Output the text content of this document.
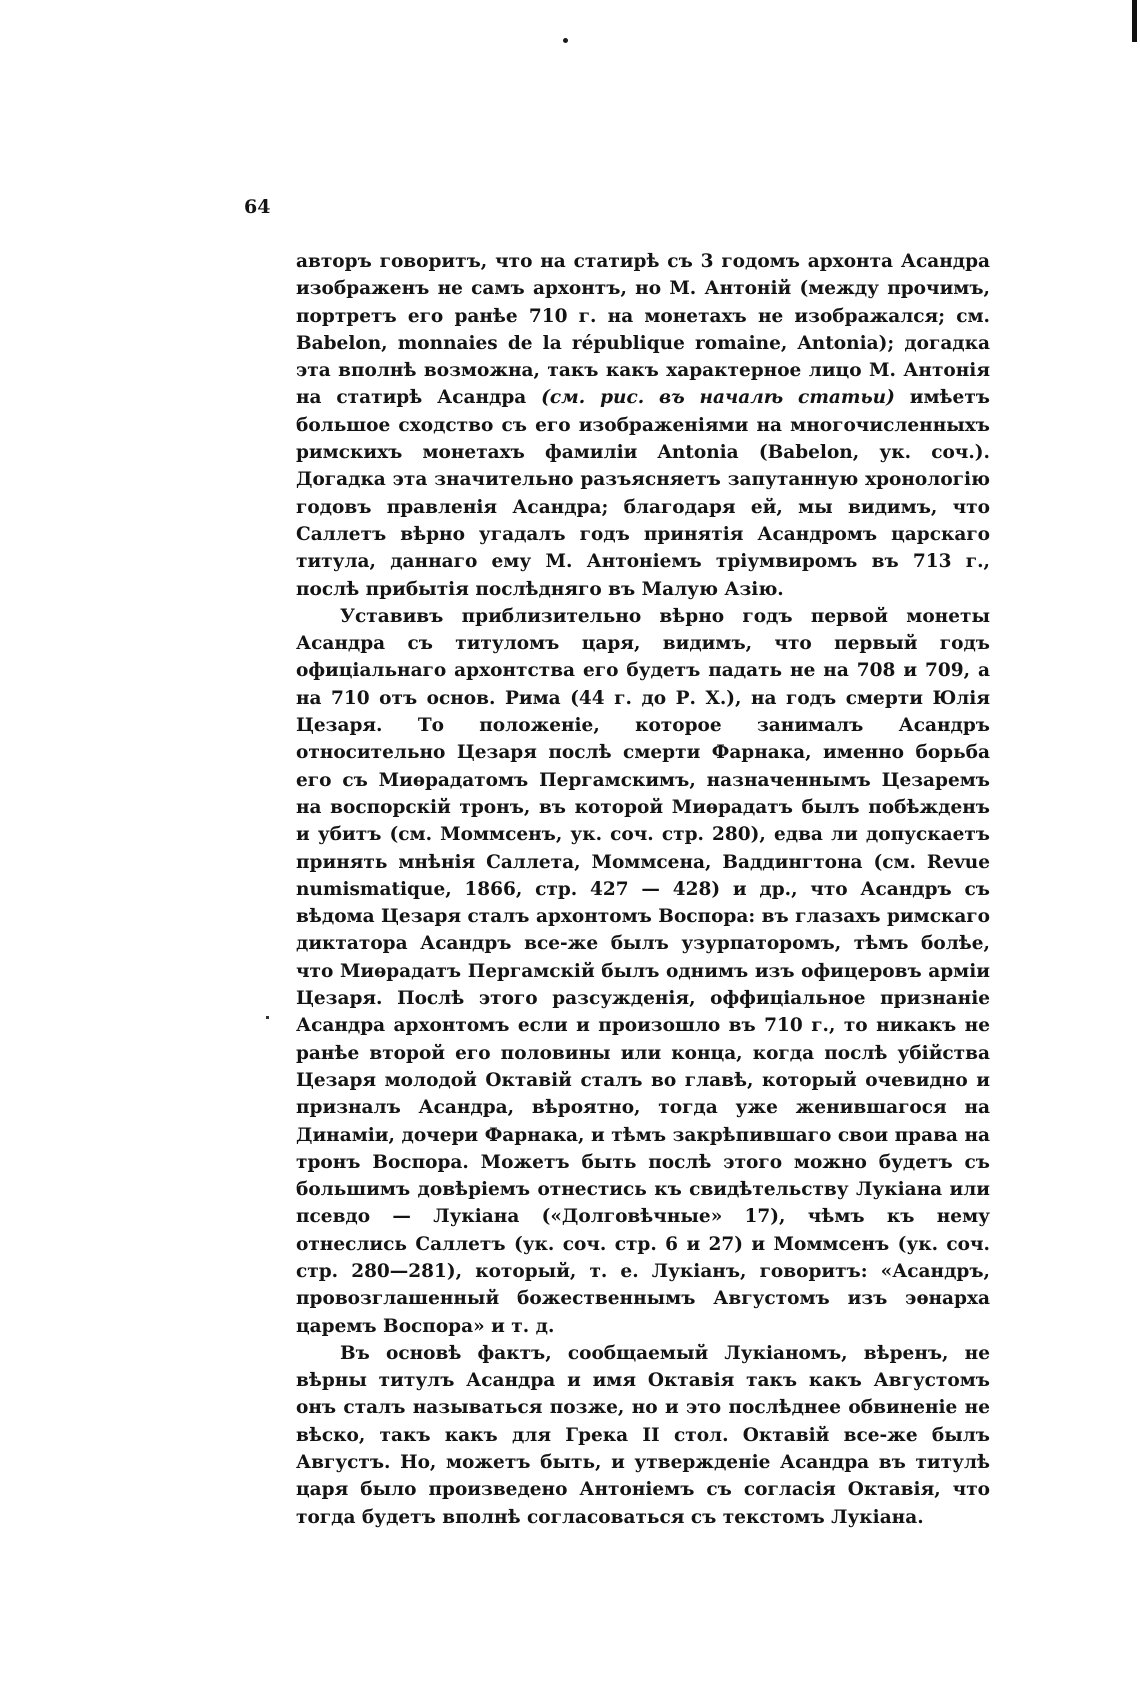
64

авторъ говоритъ, что на статирѣ съ 3 годомъ архонта Асандра изображенъ не самъ архонтъ, но М. Антоній (между прочимъ, портретъ его ранѣе 710 г. на монетахъ не изображался; см. Babelon, monnaies de la république romaine, Antonia); догадка эта вполнѣ возможна, такъ какъ характерное лицо М. Антонія на статирѣ Асандра (см. рис. въ началѣ статьи) имѣетъ большое сходство съ его изображеніями на многочисленныхъ римскихъ монетахъ фамиліи Antonia (Babelon, ук. соч.). Догадка эта значительно разъясняетъ запутанную хронологію годовъ правленія Асандра; благодаря ей, мы видимъ, что Саллетъ вѣрно угадалъ годъ принятія Асандромъ царскаго титула, даннаго ему М. Антоніемъ тріумвиромъ въ 713 г., послѣ прибытія послѣдняго въ Малую Азію.

Уставивъ приблизительно вѣрно годъ первой монеты Асандра съ титуломъ царя, видимъ, что первый годъ офиціальнаго архонтства его будетъ падать не на 708 и 709, а на 710 отъ основ. Рима (44 г. до Р. Х.), на годъ смерти Юлія Цезаря. То положеніе, которое занималъ Асандръ относительно Цезаря послѣ смерти Фарнака, именно борьба его съ Миѳрадатомъ Пергамскимъ, назначеннымъ Цезаремъ на воспорскій тронъ, въ которой Миѳрадатъ былъ побѣжденъ и убитъ (см. Моммсенъ, ук. соч. стр. 280), едва ли допускаетъ принять мнѣнія Саллета, Моммсена, Ваддингтона (см. Revue numismatique, 1866, стр. 427 — 428) и др., что Асандръ съ вѣдома Цезаря сталъ архонтомъ Воспора: въ глазахъ римскаго диктатора Асандръ все-же былъ узурпаторомъ, тѣмъ болѣе, что Миѳрадатъ Пергамскій былъ однимъ изъ офицеровъ арміи Цезаря. Послѣ этого разсужденія, оффиціальное признаніе Асандра архонтомъ если и произошло въ 710 г., то никакъ не ранѣе второй его половины или конца, когда послѣ убійства Цезаря молодой Октавій сталъ во главѣ, который очевидно и призналъ Асандра, вѣроятно, тогда уже женившагося на Динаміи, дочери Фарнака, и тѣмъ закрѣпившаго свои права на тронъ Воспора. Можетъ быть послѣ этого можно будетъ съ большимъ довѣріемъ отнестись къ свидѣтельству Лукіана или псевдо — Лукіана («Долговѣчные» 17), чѣмъ къ нему отнеслись Саллетъ (ук. соч. стр. 6 и 27) и Моммсенъ (ук. соч. стр. 280—281), который, т. е. Лукіанъ, говоритъ: «Асандръ, провозглашенный божественнымъ Августомъ изъ эѳнарха царемъ Воспора» и т. д.

Въ основѣ фактъ, сообщаемый Лукіаномъ, вѣренъ, не вѣрны титулъ Асандра и имя Октавія такъ какъ Августомъ онъ сталъ называться позже, но и это послѣднее обвиненіе не вѣско, такъ какъ для Грека II стол. Октавій все-же былъ Августъ. Но, можетъ быть, и утвержденіе Асандра въ титулѣ царя было произведено Антоніемъ съ согласія Октавія, что тогда будетъ вполнѣ согласоваться съ текстомъ Лукіана.
